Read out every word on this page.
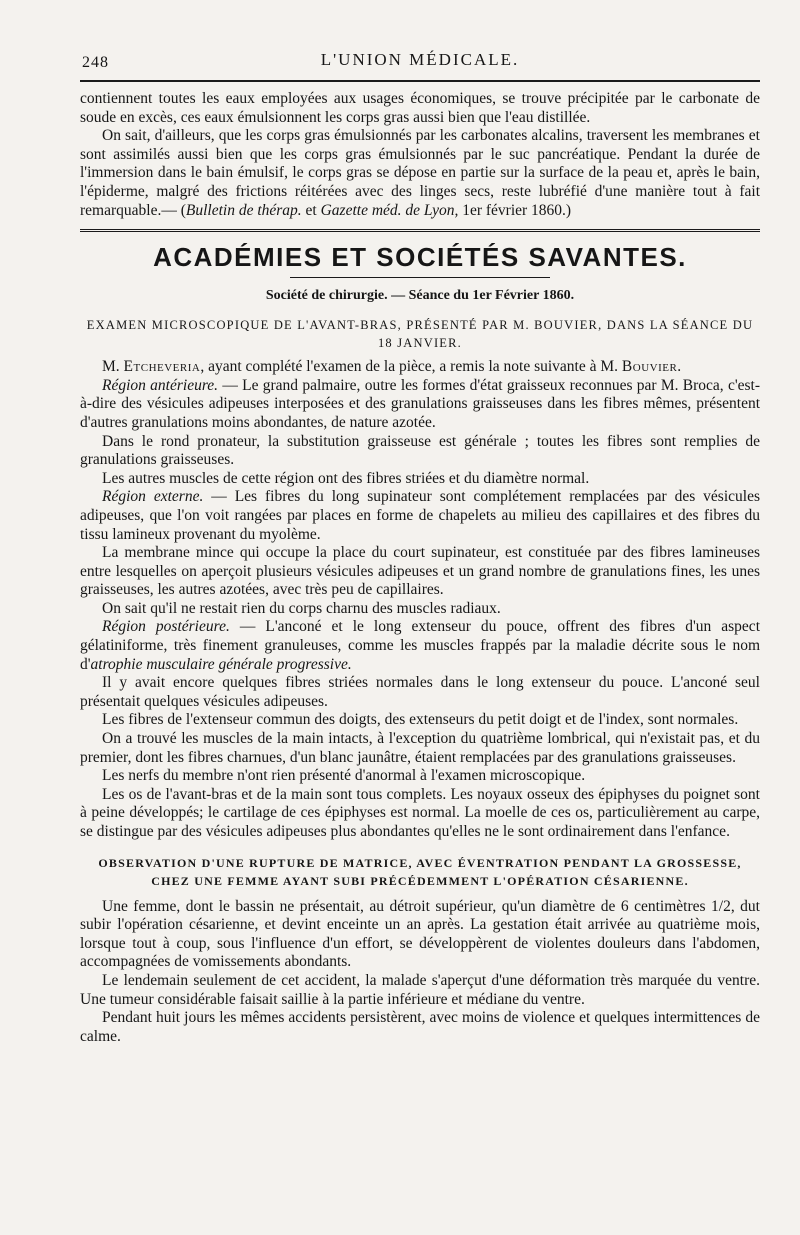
248	L'UNION MÉDICALE.

contiennent toutes les eaux employées aux usages économiques, se trouve précipitée par le carbonate de soude en excès, ces eaux émulsionnent les corps gras aussi bien que l'eau distillée.

On sait, d'ailleurs, que les corps gras émulsionnés par les carbonates alcalins, traversent les membranes et sont assimilés aussi bien que les corps gras émulsionnés par le suc pancréatique. Pendant la durée de l'immersion dans le bain émulsif, le corps gras se dépose en partie sur la surface de la peau et, après le bain, l'épiderme, malgré des frictions réitérées avec des linges secs, reste lubréfié d'une manière tout à fait remarquable.— (Bulletin de thérap. et Gazette méd. de Lyon, 1er février 1860.)

ACADÉMIES ET SOCIÉTÉS SAVANTES.
Société de chirurgie. — Séance du 1er Février 1860.
EXAMEN MICROSCOPIQUE DE L'AVANT-BRAS, PRÉSENTÉ PAR M. BOUVIER, DANS LA SÉANCE DU 18 JANVIER.

M. Etcheveria, ayant complété l'examen de la pièce, a remis la note suivante à M. Bouvier.

Région antérieure. — Le grand palmaire, outre les formes d'état graisseux reconnues par M. Broca, c'est-à-dire des vésicules adipeuses interposées et des granulations graisseuses dans les fibres mêmes, présentent d'autres granulations moins abondantes, de nature azotée.

Dans le rond pronateur, la substitution graisseuse est générale ; toutes les fibres sont remplies de granulations graisseuses.

Les autres muscles de cette région ont des fibres striées et du diamètre normal.

Région externe. — Les fibres du long supinateur sont complétement remplacées par des vésicules adipeuses, que l'on voit rangées par places en forme de chapelets au milieu des capillaires et des fibres du tissu lamineux provenant du myolème.

La membrane mince qui occupe la place du court supinateur, est constituée par des fibres lamineuses entre lesquelles on aperçoit plusieurs vésicules adipeuses et un grand nombre de granulations fines, les unes graisseuses, les autres azotées, avec très peu de capillaires.

On sait qu'il ne restait rien du corps charnu des muscles radiaux.

Région postérieure. — L'anconé et le long extenseur du pouce, offrent des fibres d'un aspect gélatiniforme, très finement granuleuses, comme les muscles frappés par la maladie décrite sous le nom d'atrophie musculaire générale progressive.

Il y avait encore quelques fibres striées normales dans le long extenseur du pouce. L'anconé seul présentait quelques vésicules adipeuses.

Les fibres de l'extenseur commun des doigts, des extenseurs du petit doigt et de l'index, sont normales.

On a trouvé les muscles de la main intacts, à l'exception du quatrième lombrical, qui n'existait pas, et du premier, dont les fibres charnues, d'un blanc jaunâtre, étaient remplacées par des granulations graisseuses.

Les nerfs du membre n'ont rien présenté d'anormal à l'examen microscopique.

Les os de l'avant-bras et de la main sont tous complets. Les noyaux osseux des épiphyses du poignet sont à peine développés; le cartilage de ces épiphyses est normal. La moelle de ces os, particulièrement au carpe, se distingue par des vésicules adipeuses plus abondantes qu'elles ne le sont ordinairement dans l'enfance.

OBSERVATION D'UNE RUPTURE DE MATRICE, AVEC ÉVENTRATION PENDANT LA GROSSESSE, CHEZ UNE FEMME AYANT SUBI PRÉCÉDEMMENT L'OPÉRATION CÉSARIENNE.

Une femme, dont le bassin ne présentait, au détroit supérieur, qu'un diamètre de 6 centimètres 1/2, dut subir l'opération césarienne, et devint enceinte un an après. La gestation était arrivée au quatrième mois, lorsque tout à coup, sous l'influence d'un effort, se développèrent de violentes douleurs dans l'abdomen, accompagnées de vomissements abondants.

Le lendemain seulement de cet accident, la malade s'aperçut d'une déformation très marquée du ventre. Une tumeur considérable faisait saillie à la partie inférieure et médiane du ventre.

Pendant huit jours les mêmes accidents persistèrent, avec moins de violence et quelques intermittences de calme.
